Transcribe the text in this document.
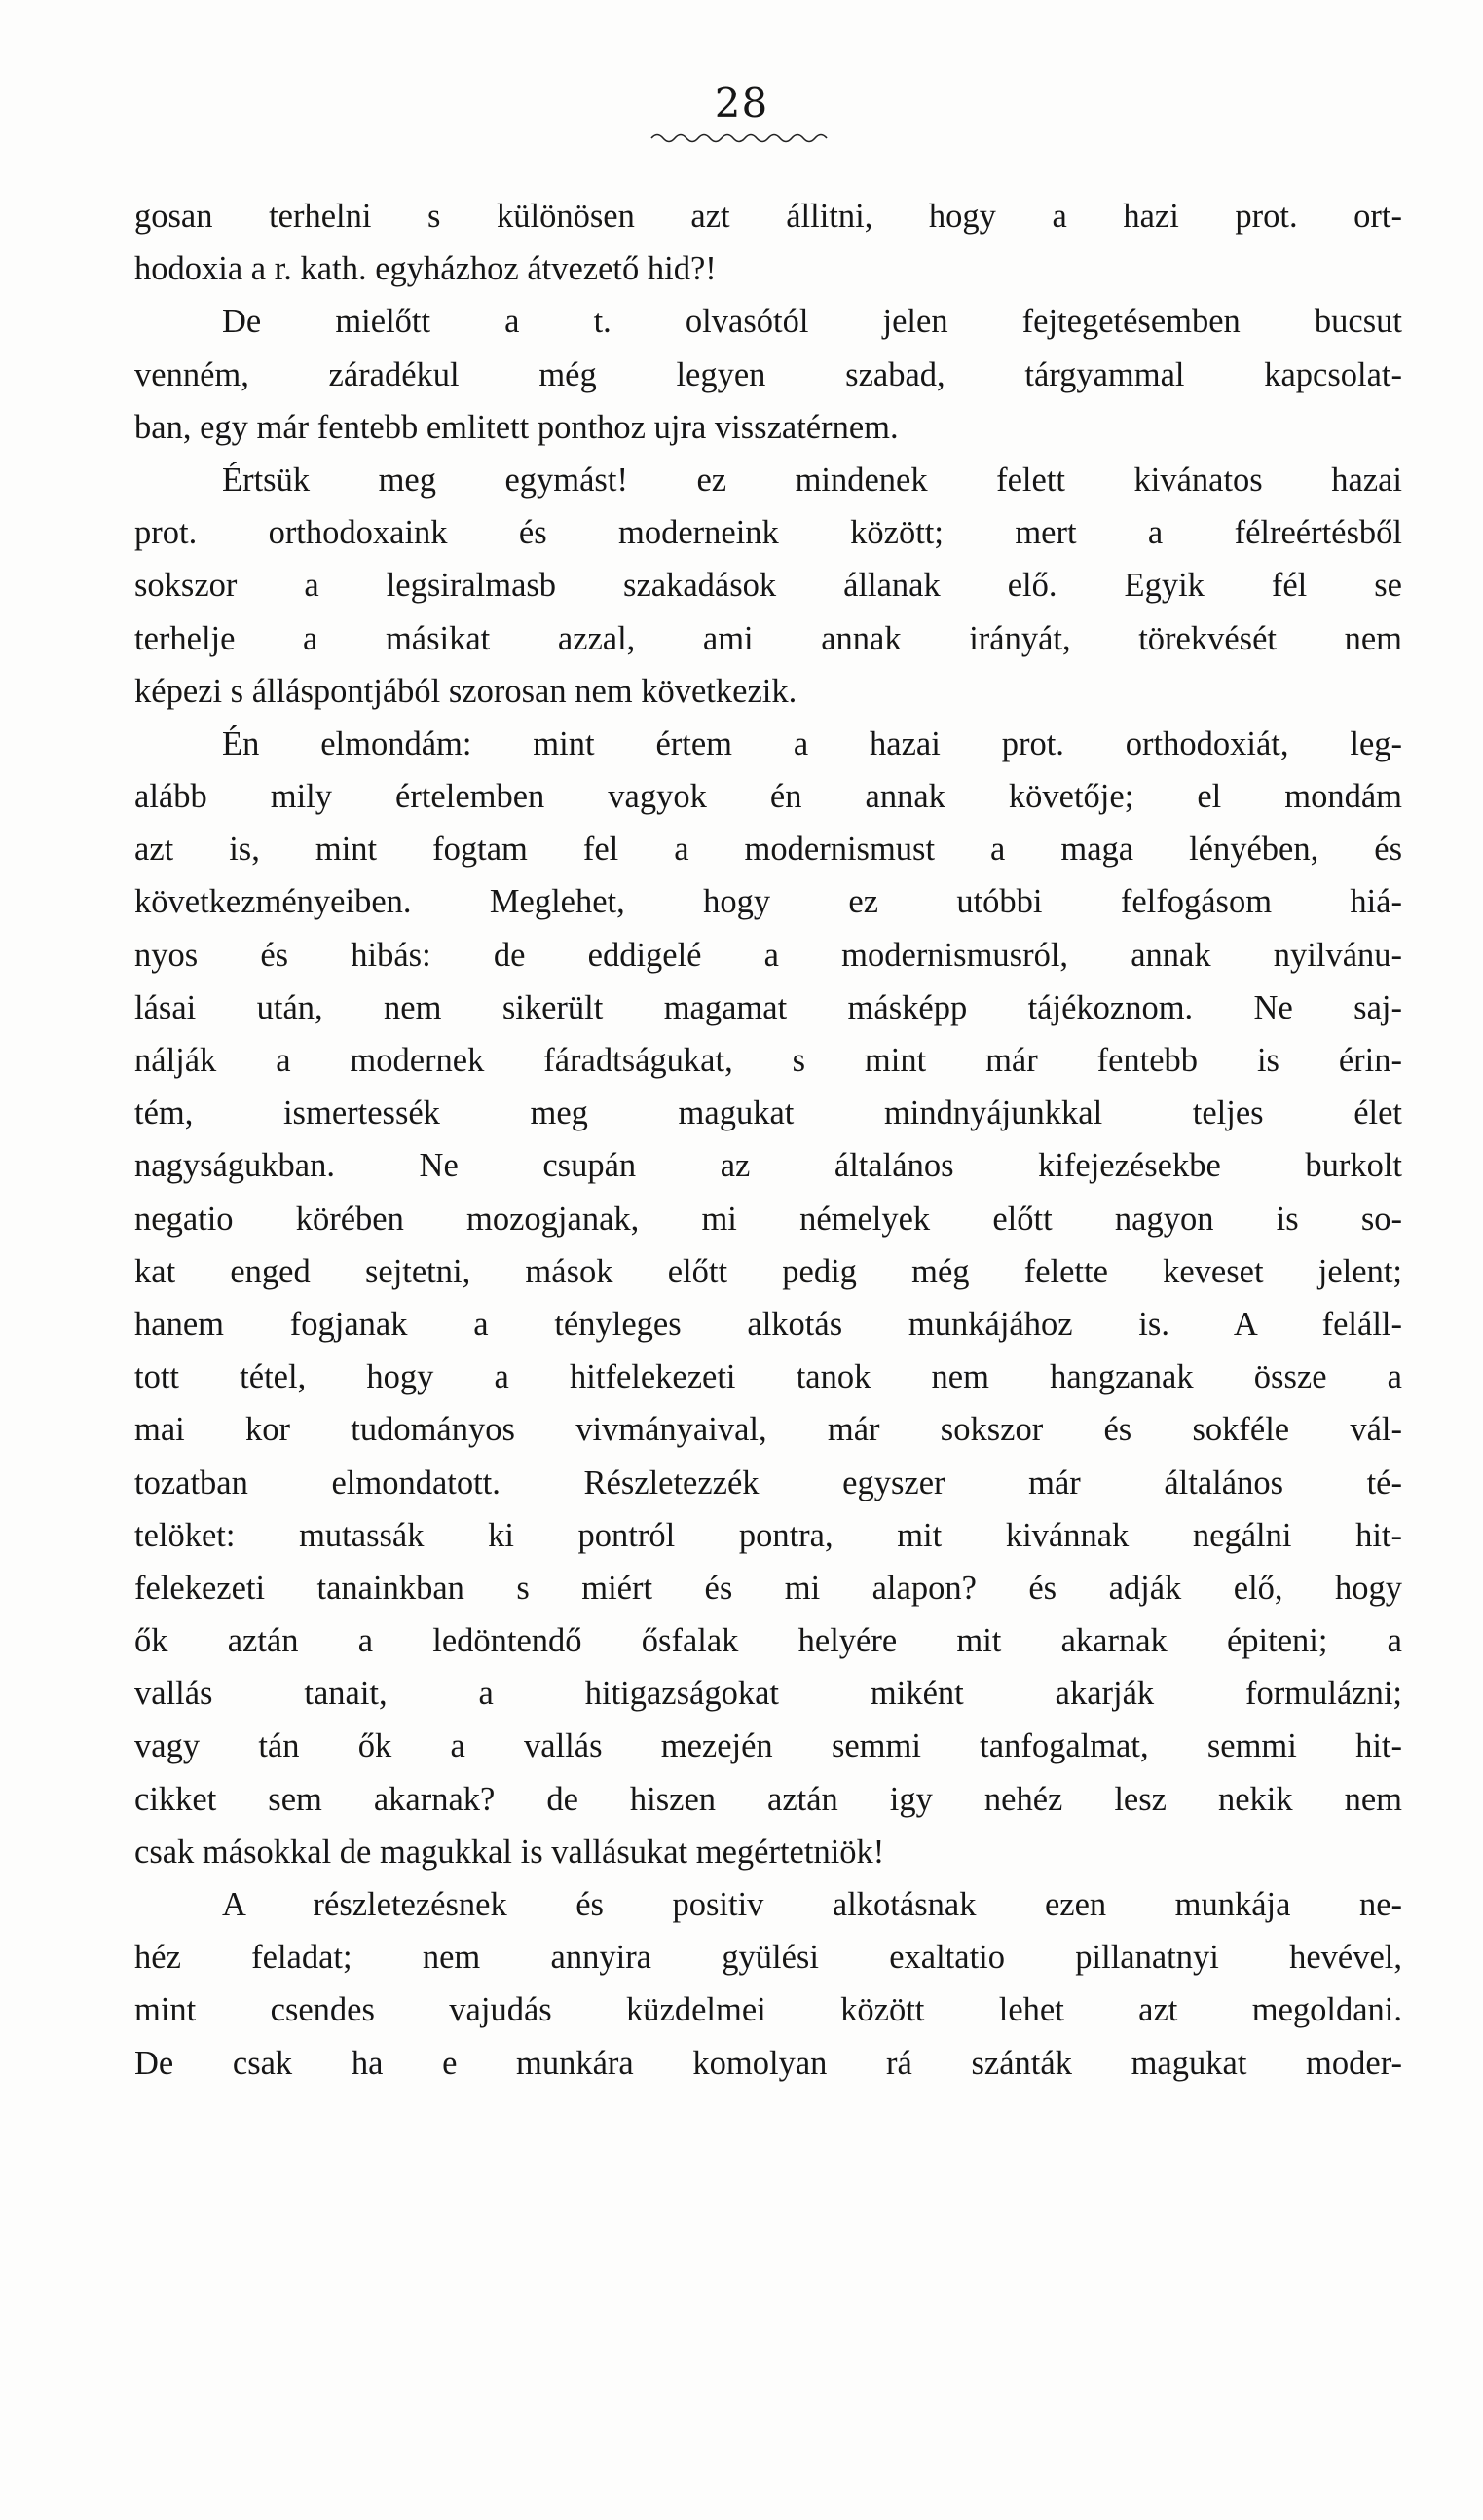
28
gosan terhelni s különösen azt állitni, hogy a hazi prot. ort-
hodoxia a r. kath. egyházhoz átvezető hid?!
De mielőtt a t. olvasótól jelen fejtegetésemben bucsut
venném, záradékul még legyen szabad, tárgyammal kapcsolat-
ban, egy már fentebb emlitett ponthoz ujra visszatérnem.
Értsük meg egymást! ez mindenek felett kivánatos hazai
prot. orthodoxaink és moderneink között; mert a félreértésből
sokszor a legsiralmasb szakadások állanak elő. Egyik fél se
terhelje a másikat azzal, ami annak irányát, törekvését nem
képezi s álláspontjából szorosan nem következik.
Én elmondám: mint értem a hazai prot. orthodoxiát, leg-
alább mily értelemben vagyok én annak követője; el mondám
azt is, mint fogtam fel a modernismust a maga lényében, és
következményeiben. Meglehet, hogy ez utóbbi felfogásom hiá-
nyos és hibás: de eddigelé a modernismusról, annak nyilvánu-
lásai után, nem sikerült magamat másképp tájékoznom. Ne saj-
nálják a modernek fáradtságukat, s mint már fentebb is érin-
tém, ismertessék meg magukat mindnyájunkkal teljes élet
nagyságukban. Ne csupán az általános kifejezésekbe burkolt
negatio körében mozogjanak, mi némelyek előtt nagyon is so-
kat enged sejtetni, mások előtt pedig még felette keveset jelent;
hanem fogjanak a tényleges alkotás munkájához is. A feláll-
tott tétel, hogy a hitfelekezeti tanok nem hangzanak össze a
mai kor tudományos vivmányaival, már sokszor és sokféle vál-
tozatban elmondatott. Részletezzék egyszer már általános té-
telöket: mutassák ki pontról pontra, mit kivánnak negálni hit-
felekezeti tanainkban s miért és mi alapon? és adják elő, hogy
ők aztán a ledöntendő ősfalak helyére mit akarnak épiteni; a
vallás tanait, a hitigazságokat miként akarják formulázni;
vagy tán ők a vallás mezején semmi tanfogalmat, semmi hit-
cikket sem akarnak? de hiszen aztán igy nehéz lesz nekik nem
csak másokkal de magukkal is vallásukat megértetniök!
A részletezésnek és positiv alkotásnak ezen munkája ne-
héz feladat; nem annyira gyülési exaltatio pillanatnyi hevével,
mint csendes vajudás küzdelmei között lehet azt megoldani.
De csak ha e munkára komolyan rá szánták magukat moder-
